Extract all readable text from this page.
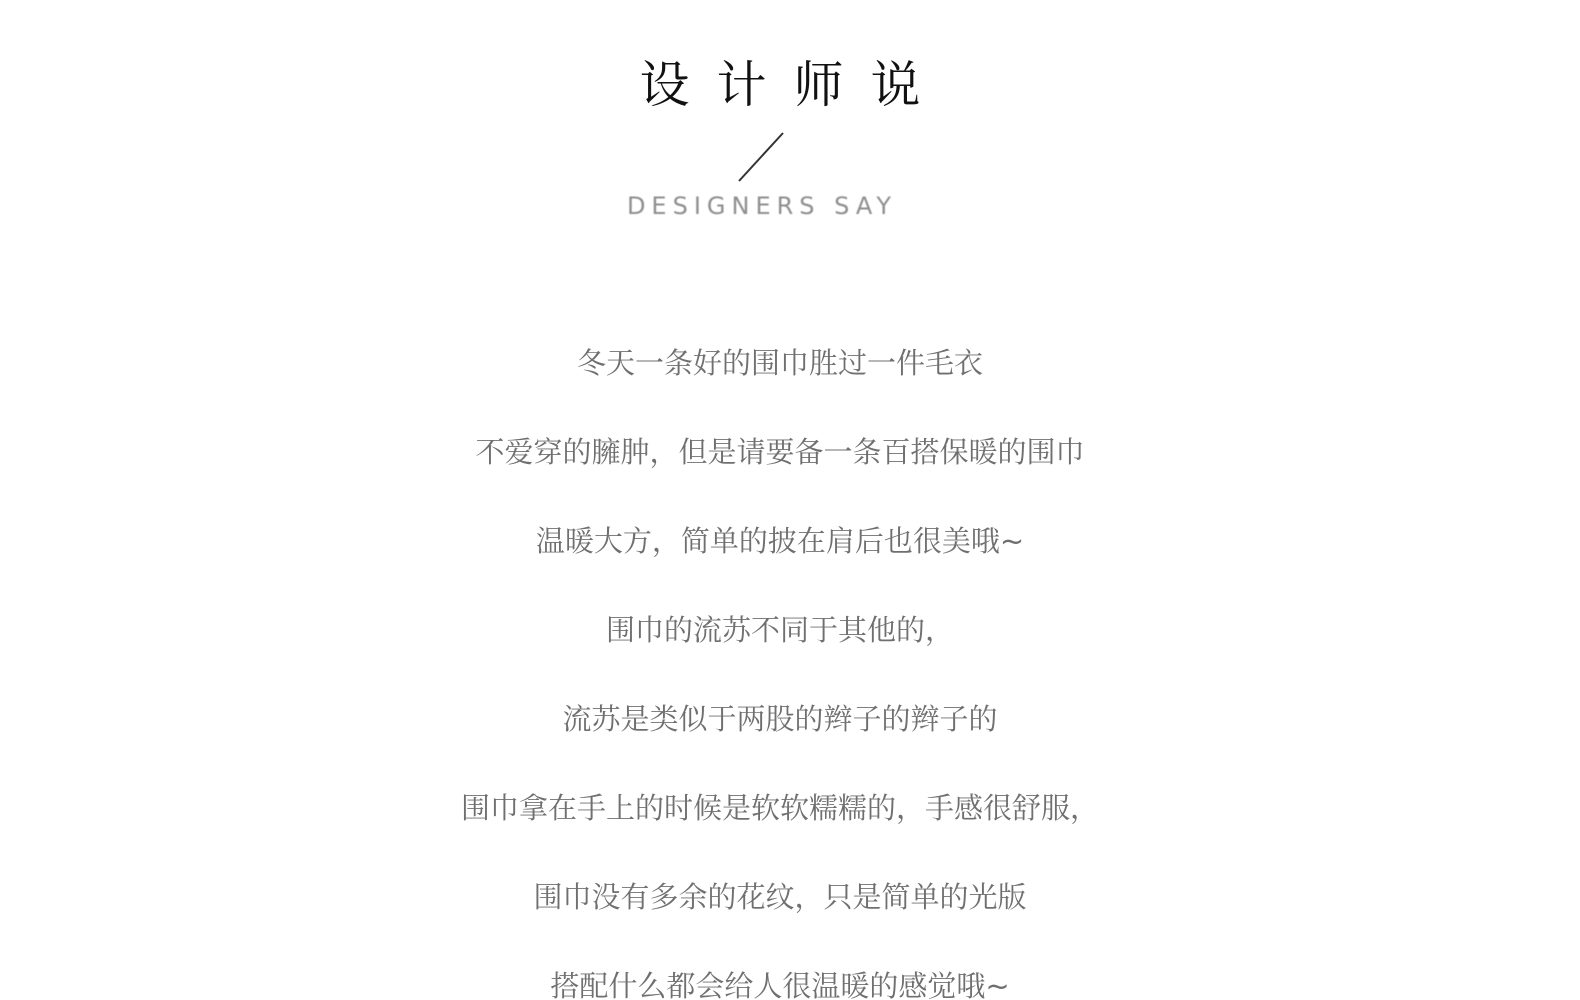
设计师说
DESIGNERS SAY
冬天一条好的围巾胜过一件毛衣
不爱穿的臃肿，但是请要备一条百搭保暖的围巾
温暖大方，简单的披在肩后也很美哦~
围巾的流苏不同于其他的，
流苏是类似于两股的辫子的辫子的
围巾拿在手上的时候是软软糯糯的，手感很舒服，
围巾没有多余的花纹，只是简单的光版
搭配什么都会给人很温暖的感觉哦~
